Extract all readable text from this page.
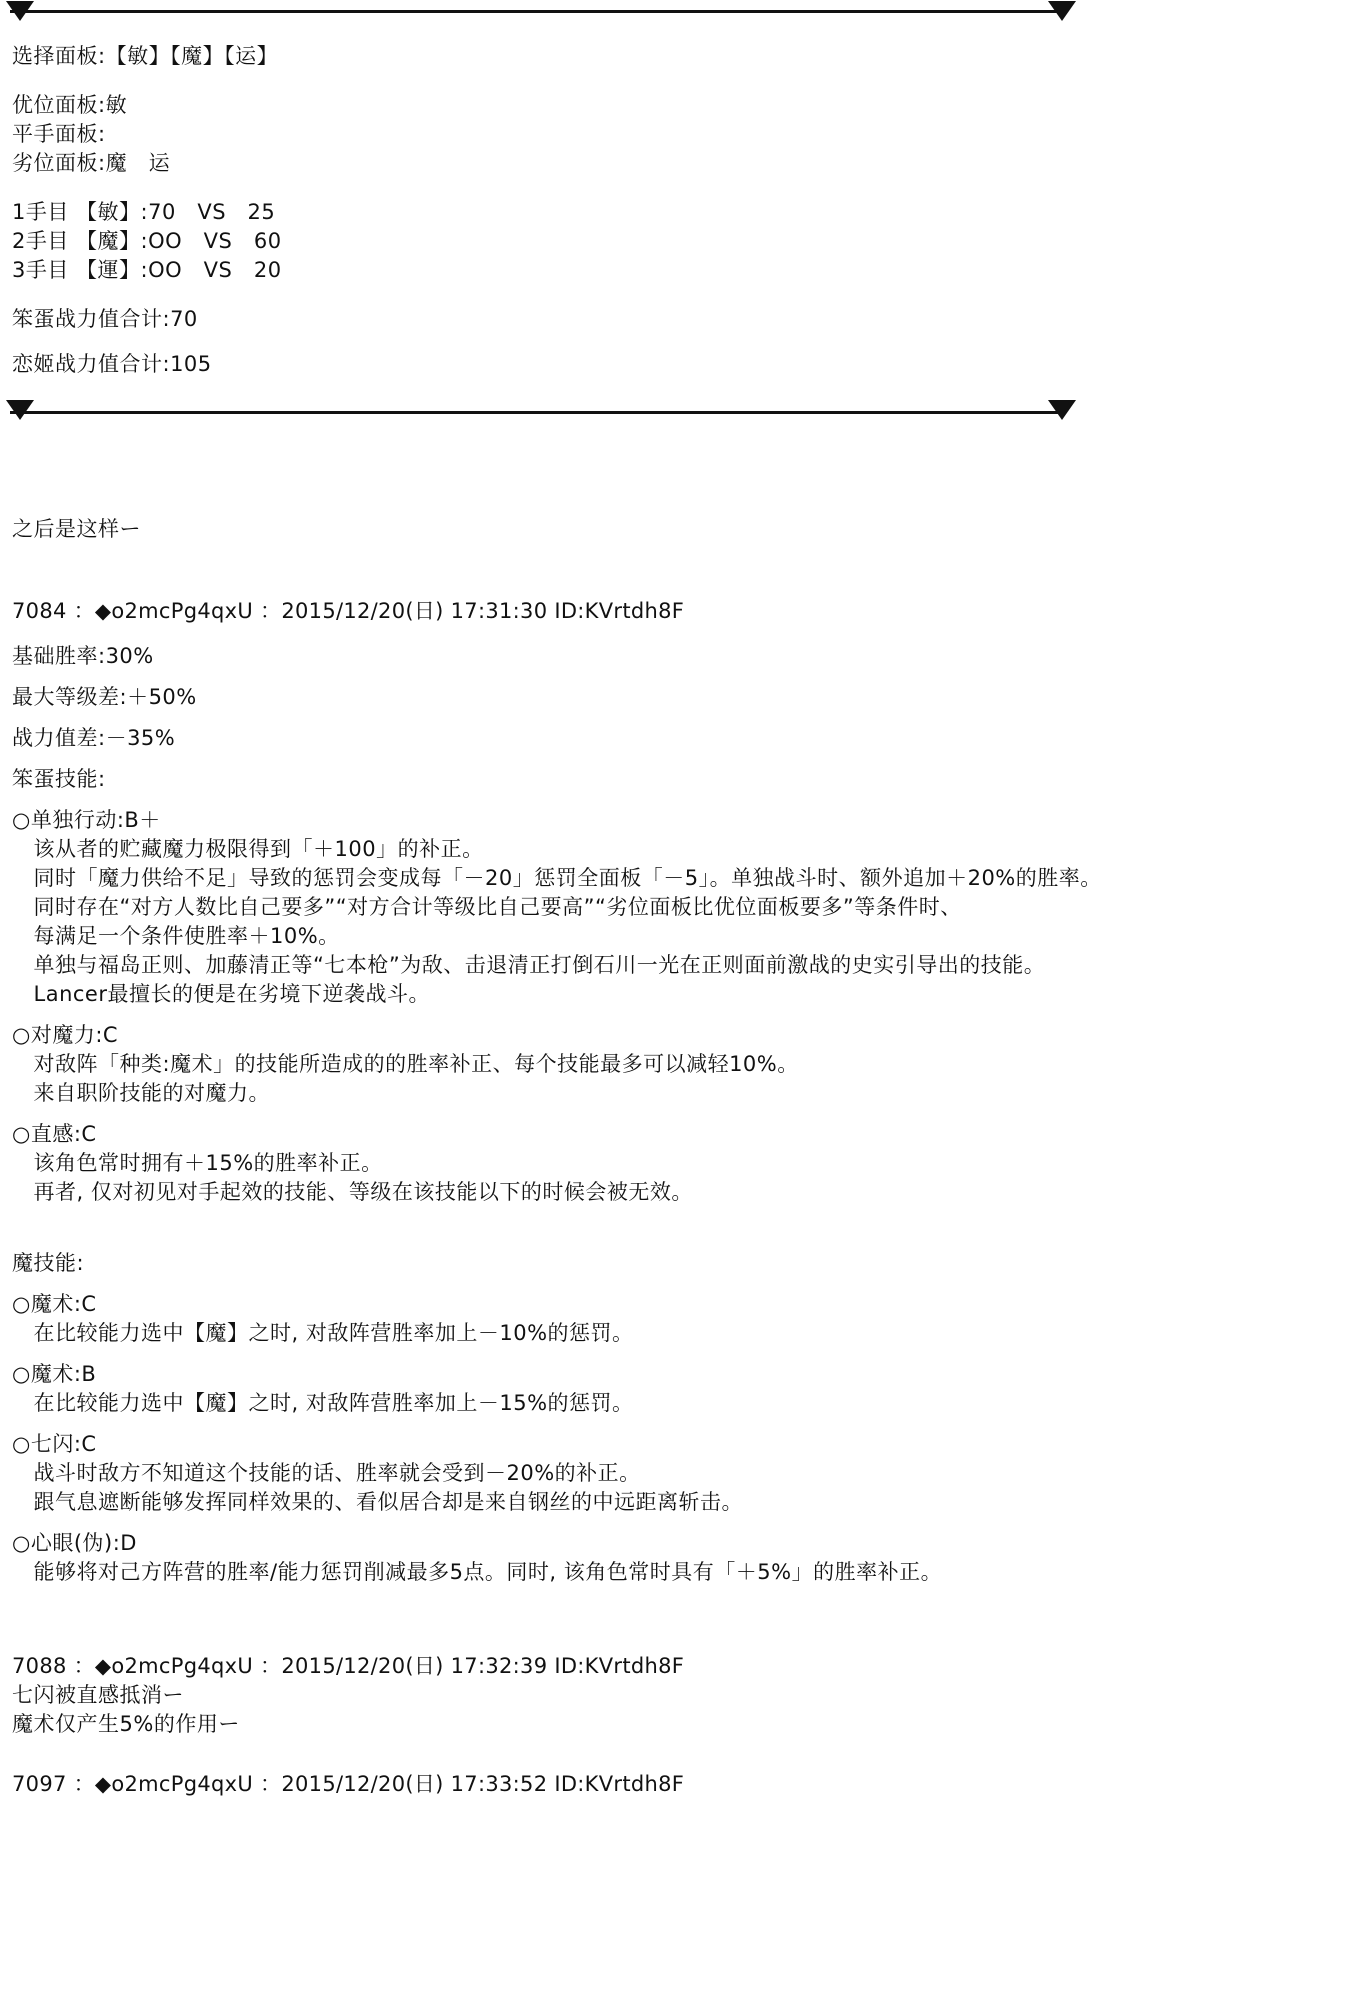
选择面板:【敏】【魔】【运】
优位面板:敏
平手面板:
劣位面板:魔　运
1手目 【敏】:70　VS　25
2手目 【魔】:OO　VS　60
3手目 【運】:OO　VS　20
笨蛋战力值合计:70
恋姬战力值合计:105
之后是这样ー
7084 ：◆o2mcPg4qxU ：2015/12/20(日) 17:31:30 ID:KVrtdh8F
基础胜率:30%
最大等级差:＋50%
战力值差:－35%
笨蛋技能:
○单独行动:B＋
　该从者的贮藏魔力极限得到「＋100」的补正。
　同时「魔力供给不足」导致的惩罚会变成每「－20」惩罚全面板「－5」。单独战斗时、额外追加＋20%的胜率。
　同时存在“对方人数比自己要多”“对方合计等级比自己要高”“劣位面板比优位面板要多”等条件时、
　每满足一个条件使胜率＋10%。
　单独与福岛正则、加藤清正等“七本枪”为敌、击退清正打倒石川一光在正则面前激战的史实引导出的技能。
　Lancer最擅长的便是在劣境下逆袭战斗。
○对魔力:C
　对敌阵「种类:魔术」的技能所造成的的胜率补正、每个技能最多可以减轻10%。
　来自职阶技能的对魔力。
○直感:C
　该角色常时拥有＋15%的胜率补正。
　再者, 仅对初见对手起效的技能、等级在该技能以下的时候会被无效。
魔技能:
○魔术:C
　在比较能力选中【魔】之时, 对敌阵营胜率加上－10%的惩罚。
○魔术:B
　在比较能力选中【魔】之时, 对敌阵营胜率加上－15%的惩罚。
○七闪:C
　战斗时敌方不知道这个技能的话、胜率就会受到－20%的补正。
　跟气息遮断能够发挥同样效果的、看似居合却是来自钢丝的中远距离斩击。
○心眼(伪):D
　能够将对己方阵营的胜率/能力惩罚削减最多5点。同时, 该角色常时具有「＋5%」的胜率补正。
7088 ：◆o2mcPg4qxU ：2015/12/20(日) 17:32:39 ID:KVrtdh8F
七闪被直感抵消ー
魔术仅产生5%的作用ー
7097 ：◆o2mcPg4qxU ：2015/12/20(日) 17:33:52 ID:KVrtdh8F
